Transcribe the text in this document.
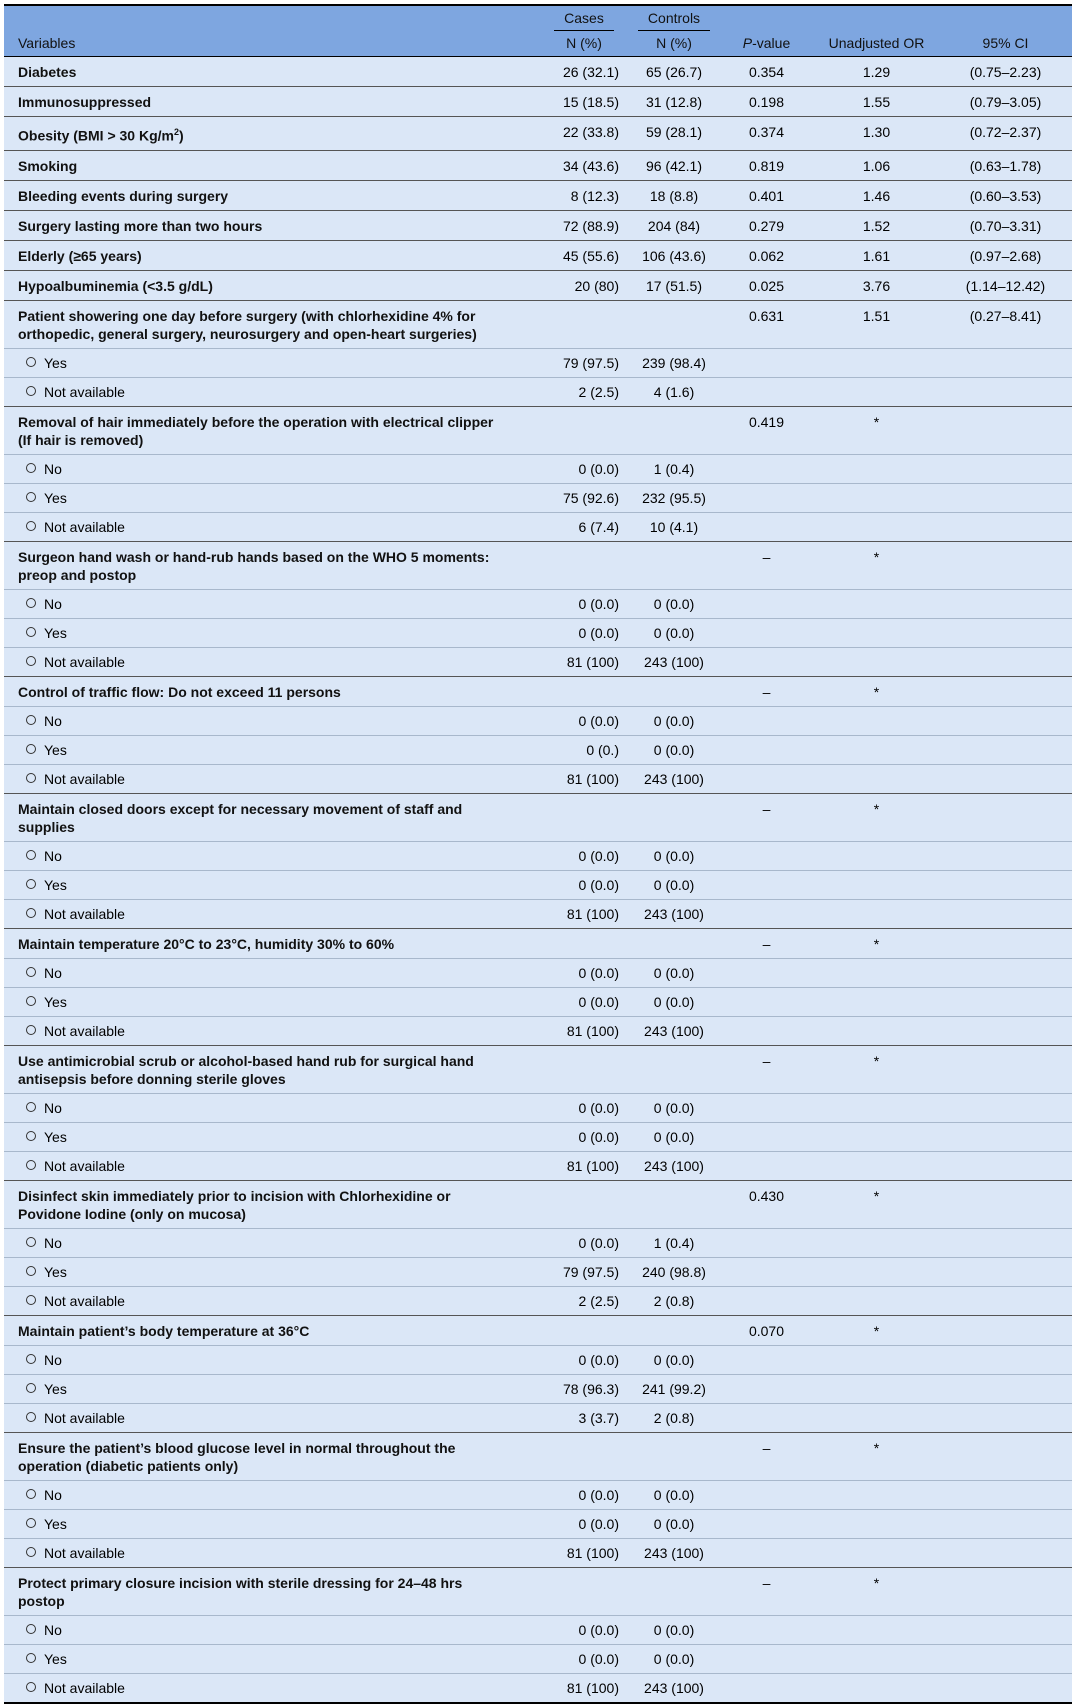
	Cases	Controls			

Variables	N (%)	N (%)	P-value	Unadjusted OR	95% CI

Diabetes	26 (32.1)	65 (26.7)	0.354	1.29	(0.75–2.23)
Immunosuppressed	15 (18.5)	31 (12.8)	0.198	1.55	(0.79–3.05)
Obesity (BMI > 30 $Kg/m^2$)	22 (33.8)	59 (28.1)	0.374	1.30	(0.72–2.37)
Smoking	34 (43.6)	96 (42.1)	0.819	1.06	(0.63–1.78)
Bleeding events during surgery	8 (12.3)	18 (8.8)	0.401	1.46	(0.60–3.53)
Surgery lasting more than two hours	72 (88.9)	204 (84)	0.279	1.52	(0.70–3.31)
Elderly (≥65 years)	45 (55.6)	106 (43.6)	0.062	1.61	(0.97–2.68)
Hypoalbuminemia (<3.5 g/dL)	20 (80)	17 (51.5)	0.025	3.76	(1.14–12.42)
Patient showering one day before surgery (with chlorhexidine 4% for orthopedic, general surgery, neurosurgery and open-heart surgeries)			0.631	1.51	(0.27–8.41)
Yes	79 (97.5)	239 (98.4)			
Not available	2 (2.5)	4 (1.6)			
Removal of hair immediately before the operation with electrical clipper (If hair is removed)			0.419	*	
No	0 (0.0)	1 (0.4)			
Yes	75 (92.6)	232 (95.5)			
Not available	6 (7.4)	10 (4.1)			
Surgeon hand wash or hand-rub hands based on the WHO 5 moments: preop and postop			–	*	
No	0 (0.0)	0 (0.0)			
Yes	0 (0.0)	0 (0.0)			
Not available	81 (100)	243 (100)			
Control of traffic flow: Do not exceed 11 persons			–	*	
No	0 (0.0)	0 (0.0)			
Yes	0 (0.)	0 (0.0)			
Not available	81 (100)	243 (100)			
Maintain closed doors except for necessary movement of staff and supplies			–	*	
No	0 (0.0)	0 (0.0)			
Yes	0 (0.0)	0 (0.0)			
Not available	81 (100)	243 (100)			
Maintain temperature 20°C to 23°C, humidity 30% to 60%			–	*	
No	0 (0.0)	0 (0.0)			
Yes	0 (0.0)	0 (0.0)			
Not available	81 (100)	243 (100)			
Use antimicrobial scrub or alcohol-based hand rub for surgical hand antisepsis before donning sterile gloves			–	*	
No	0 (0.0)	0 (0.0)			
Yes	0 (0.0)	0 (0.0)			
Not available	81 (100)	243 (100)			
Disinfect skin immediately prior to incision with Chlorhexidine or Povidone Iodine (only on mucosa)			0.430	*	
No	0 (0.0)	1 (0.4)			
Yes	79 (97.5)	240 (98.8)			
Not available	2 (2.5)	2 (0.8)			
Maintain patient’s body temperature at 36°C			0.070	*	
No	0 (0.0)	0 (0.0)			
Yes	78 (96.3)	241 (99.2)			
Not available	3 (3.7)	2 (0.8)			
Ensure the patient’s blood glucose level in normal throughout the operation (diabetic patients only)			–	*	
No	0 (0.0)	0 (0.0)			
Yes	0 (0.0)	0 (0.0)			
Not available	81 (100)	243 (100)			
Protect primary closure incision with sterile dressing for 24–48 hrs postop			–	*	
No	0 (0.0)	0 (0.0)			
Yes	0 (0.0)	0 (0.0)			
Not available	81 (100)	243 (100)			
